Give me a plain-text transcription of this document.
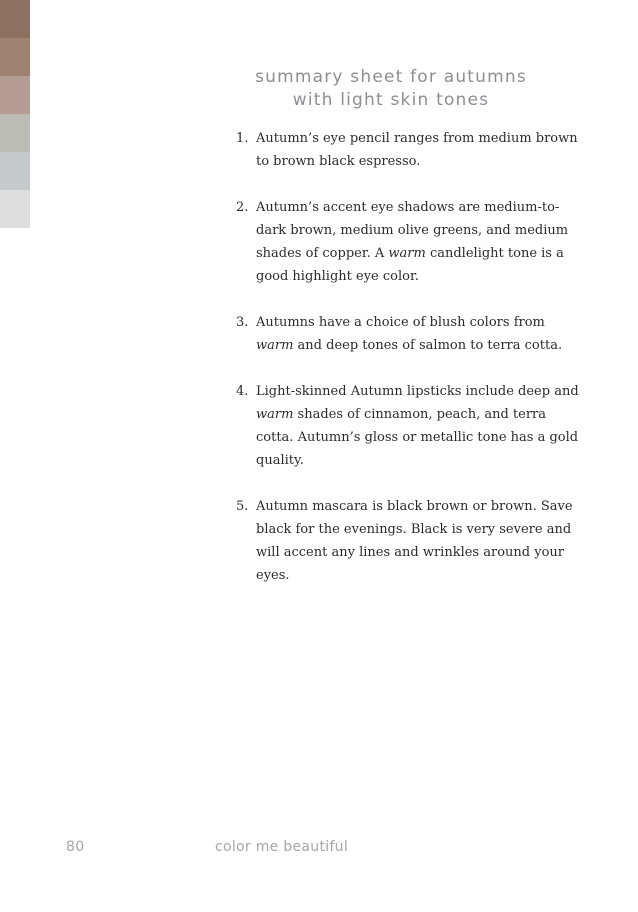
summary sheet for autumns
with light skin tones
1. Autumn’s eye pencil ranges from medium brown to brown black espresso.
2. Autumn’s accent eye shadows are medium-to-dark brown, medium olive greens, and medium shades of copper. A warm candlelight tone is a good highlight eye color.
3. Autumns have a choice of blush colors from warm and deep tones of salmon to terra cotta.
4. Light-skinned Autumn lipsticks include deep and warm shades of cinnamon, peach, and terra cotta. Autumn’s gloss or metallic tone has a gold quality.
5. Autumn mascara is black brown or brown. Save black for the evenings. Black is very severe and will accent any lines and wrinkles around your eyes.
80	color me beautiful
